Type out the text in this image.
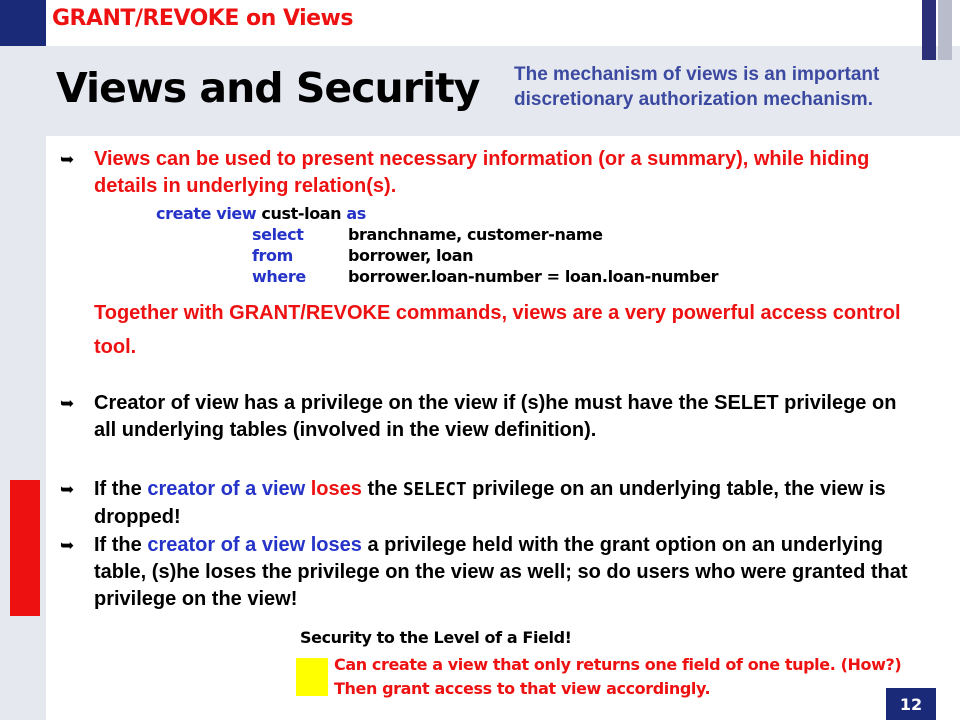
GRANT/REVOKE on Views
Views and Security The mechanism of views is an important discretionary authorization mechanism.
➥ Views can be used to present necessary information (or a summary), while hiding details in underlying relation(s).
create view cust-loan as
select	branchname, customer-name
from	borrower, loan
where	borrower.loan-number = loan.loan-number
Together with GRANT/REVOKE commands, views are a very powerful access control tool.
➥ Creator of view has a privilege on the view if (s)he must have the SELET privilege on all underlying tables (involved in the view definition).
➥ If the creator of a view loses the SELECT privilege on an underlying table, the view is dropped!
➥ If the creator of a view loses a privilege held with the grant option on an underlying table, (s)he loses the privilege on the view as well; so do users who were granted that privilege on the view!
Security to the Level of a Field!
Can create a view that only returns one field of one tuple. (How?)
Then grant access to that view accordingly.
12
